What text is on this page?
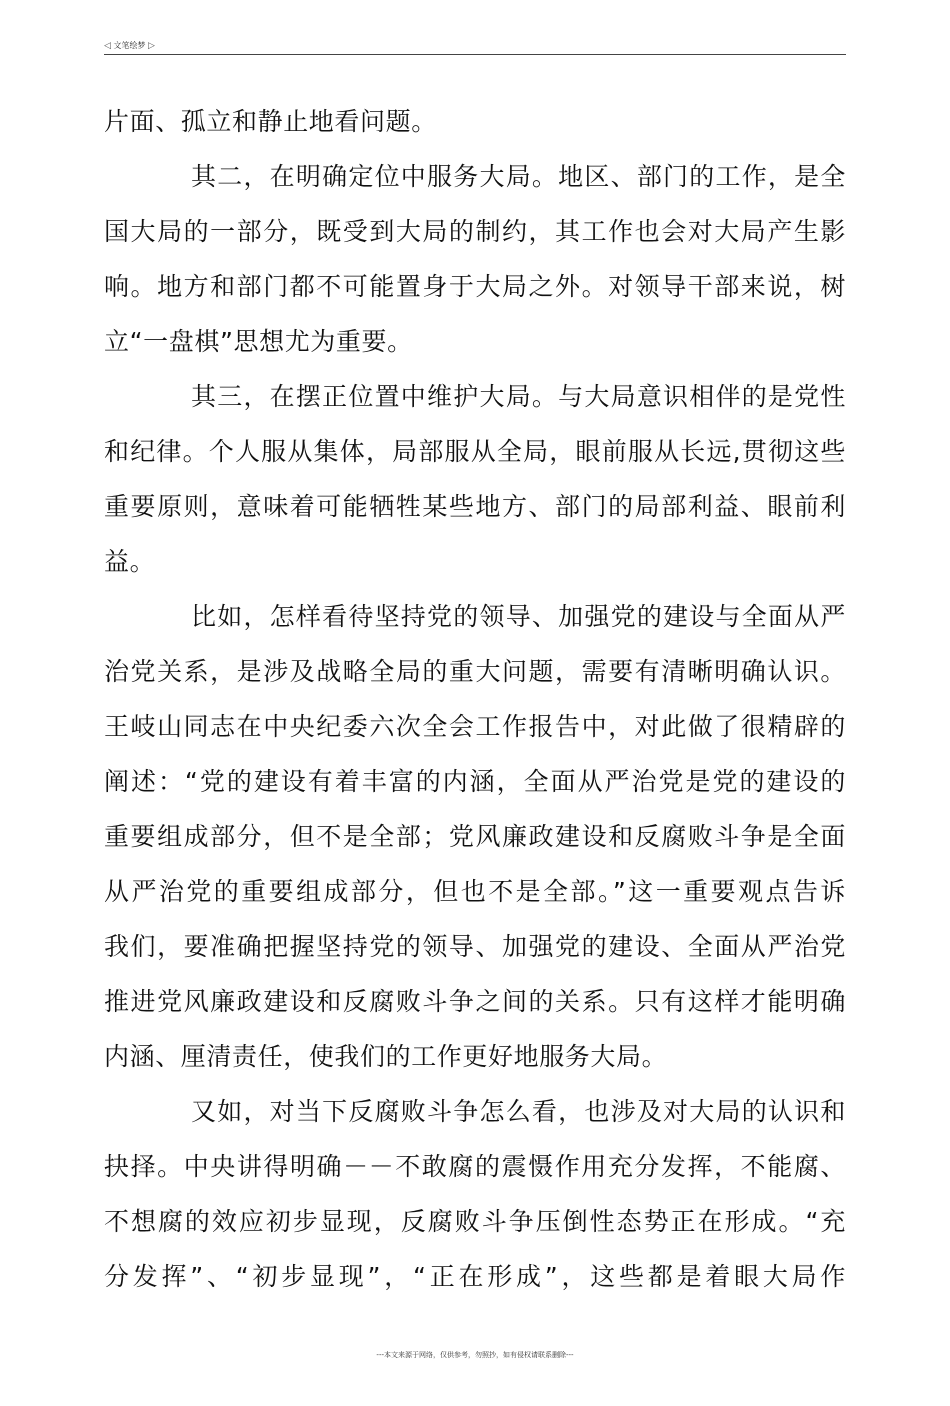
◁ 文笔绘梦 ▷
片面、孤立和静止地看问题。
其二，在明确定位中服务大局。地区、部门的工作，是全
国大局的一部分，既受到大局的制约，其工作也会对大局产生影
响。地方和部门都不可能置身于大局之外。对领导干部来说，树
立“一盘棋”思想尤为重要。
其三，在摆正位置中维护大局。与大局意识相伴的是党性
和纪律。个人服从集体，局部服从全局，眼前服从长远,贯彻这些
重要原则，意味着可能牺牲某些地方、部门的局部利益、眼前利
益。
比如，怎样看待坚持党的领导、加强党的建设与全面从严
治党关系，是涉及战略全局的重大问题，需要有清晰明确认识。
王岐山同志在中央纪委六次全会工作报告中，对此做了很精辟的
阐述：“党的建设有着丰富的内涵，全面从严治党是党的建设的
重要组成部分，但不是全部；党风廉政建设和反腐败斗争是全面
从严治党的重要组成部分，但也不是全部。”这一重要观点告诉
我们，要准确把握坚持党的领导、加强党的建设、全面从严治党
推进党风廉政建设和反腐败斗争之间的关系。只有这样才能明确
内涵、厘清责任，使我们的工作更好地服务大局。
又如，对当下反腐败斗争怎么看，也涉及对大局的认识和
抉择。中央讲得明确－－不敢腐的震慑作用充分发挥，不能腐、
不想腐的效应初步显现，反腐败斗争压倒性态势正在形成。“充
分发挥”、“初步显现”，“正在形成”，这些都是着眼大局作
---本文来源于网络，仅供参考，勿照抄，如有侵权请联系删除---
